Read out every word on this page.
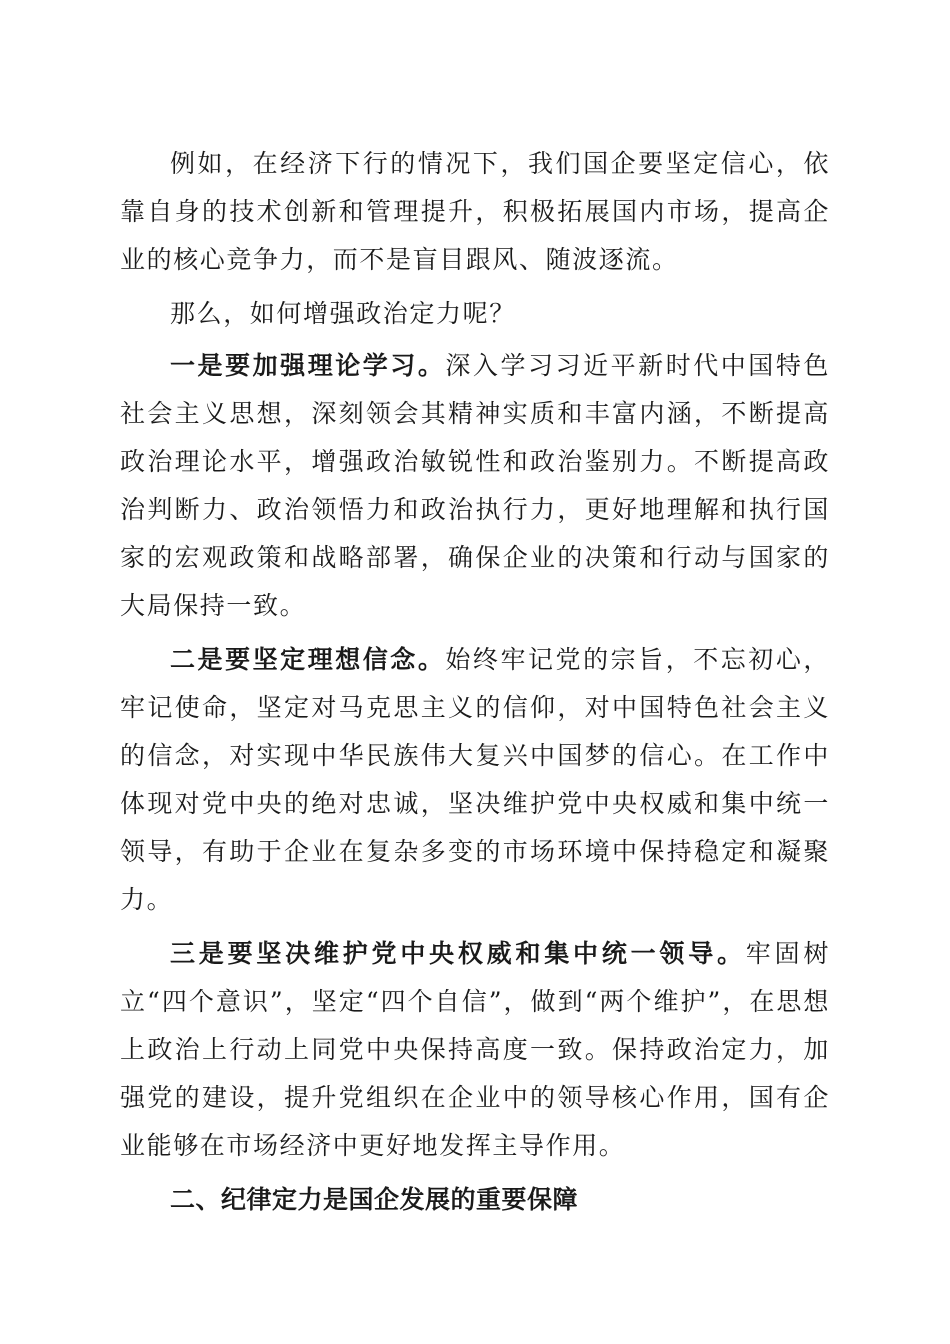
例如，在经济下行的情况下，我们国企要坚定信心，依靠自身的技术创新和管理提升，积极拓展国内市场，提高企业的核心竞争力，而不是盲目跟风、随波逐流。

那么，如何增强政治定力呢？

一是要加强理论学习。深入学习习近平新时代中国特色社会主义思想，深刻领会其精神实质和丰富内涵，不断提高政治理论水平，增强政治敏锐性和政治鉴别力。不断提高政治判断力、政治领悟力和政治执行力，更好地理解和执行国家的宏观政策和战略部署，确保企业的决策和行动与国家的大局保持一致。

二是要坚定理想信念。始终牢记党的宗旨，不忘初心，牢记使命，坚定对马克思主义的信仰，对中国特色社会主义的信念，对实现中华民族伟大复兴中国梦的信心。在工作中体现对党中央的绝对忠诚，坚决维护党中央权威和集中统一领导，有助于企业在复杂多变的市场环境中保持稳定和凝聚力。

三是要坚决维护党中央权威和集中统一领导。牢固树立“四个意识”，坚定“四个自信”，做到“两个维护”，在思想上政治上行动上同党中央保持高度一致。保持政治定力，加强党的建设，提升党组织在企业中的领导核心作用，国有企业能够在市场经济中更好地发挥主导作用。

二、纪律定力是国企发展的重要保障
